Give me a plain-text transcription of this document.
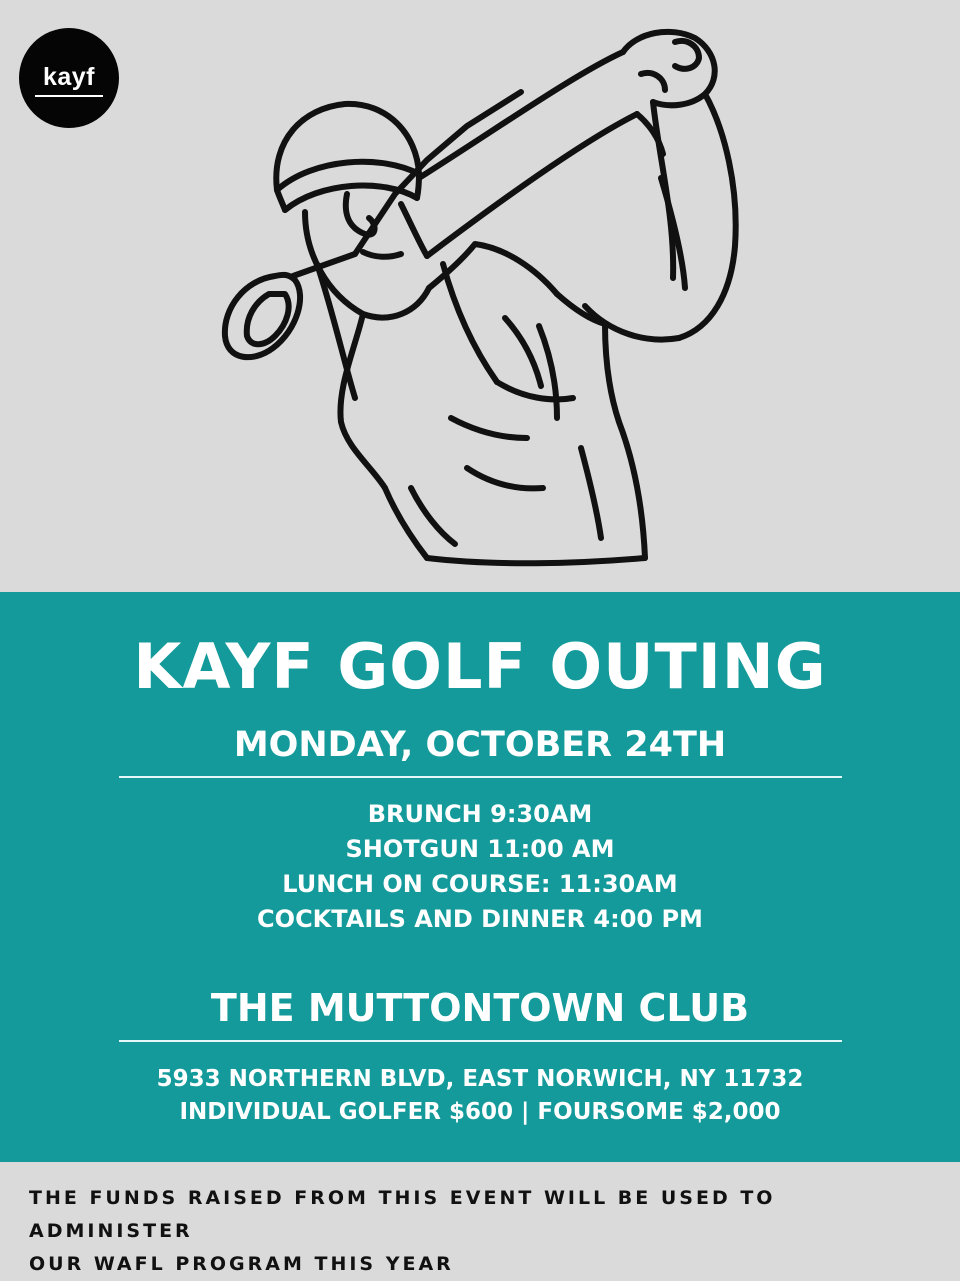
kayf
KAYF GOLF OUTING
MONDAY, OCTOBER 24TH
BRUNCH 9:30AM
SHOTGUN 11:00 AM
LUNCH ON COURSE: 11:30AM
COCKTAILS AND DINNER 4:00 PM
THE MUTTONTOWN CLUB
5933 NORTHERN BLVD, EAST NORWICH, NY 11732
INDIVIDUAL GOLFER $600 | FOURSOME $2,000

THE FUNDS RAISED FROM THIS EVENT WILL BE USED TO ADMINISTER
OUR WAFL PROGRAM THIS YEAR
